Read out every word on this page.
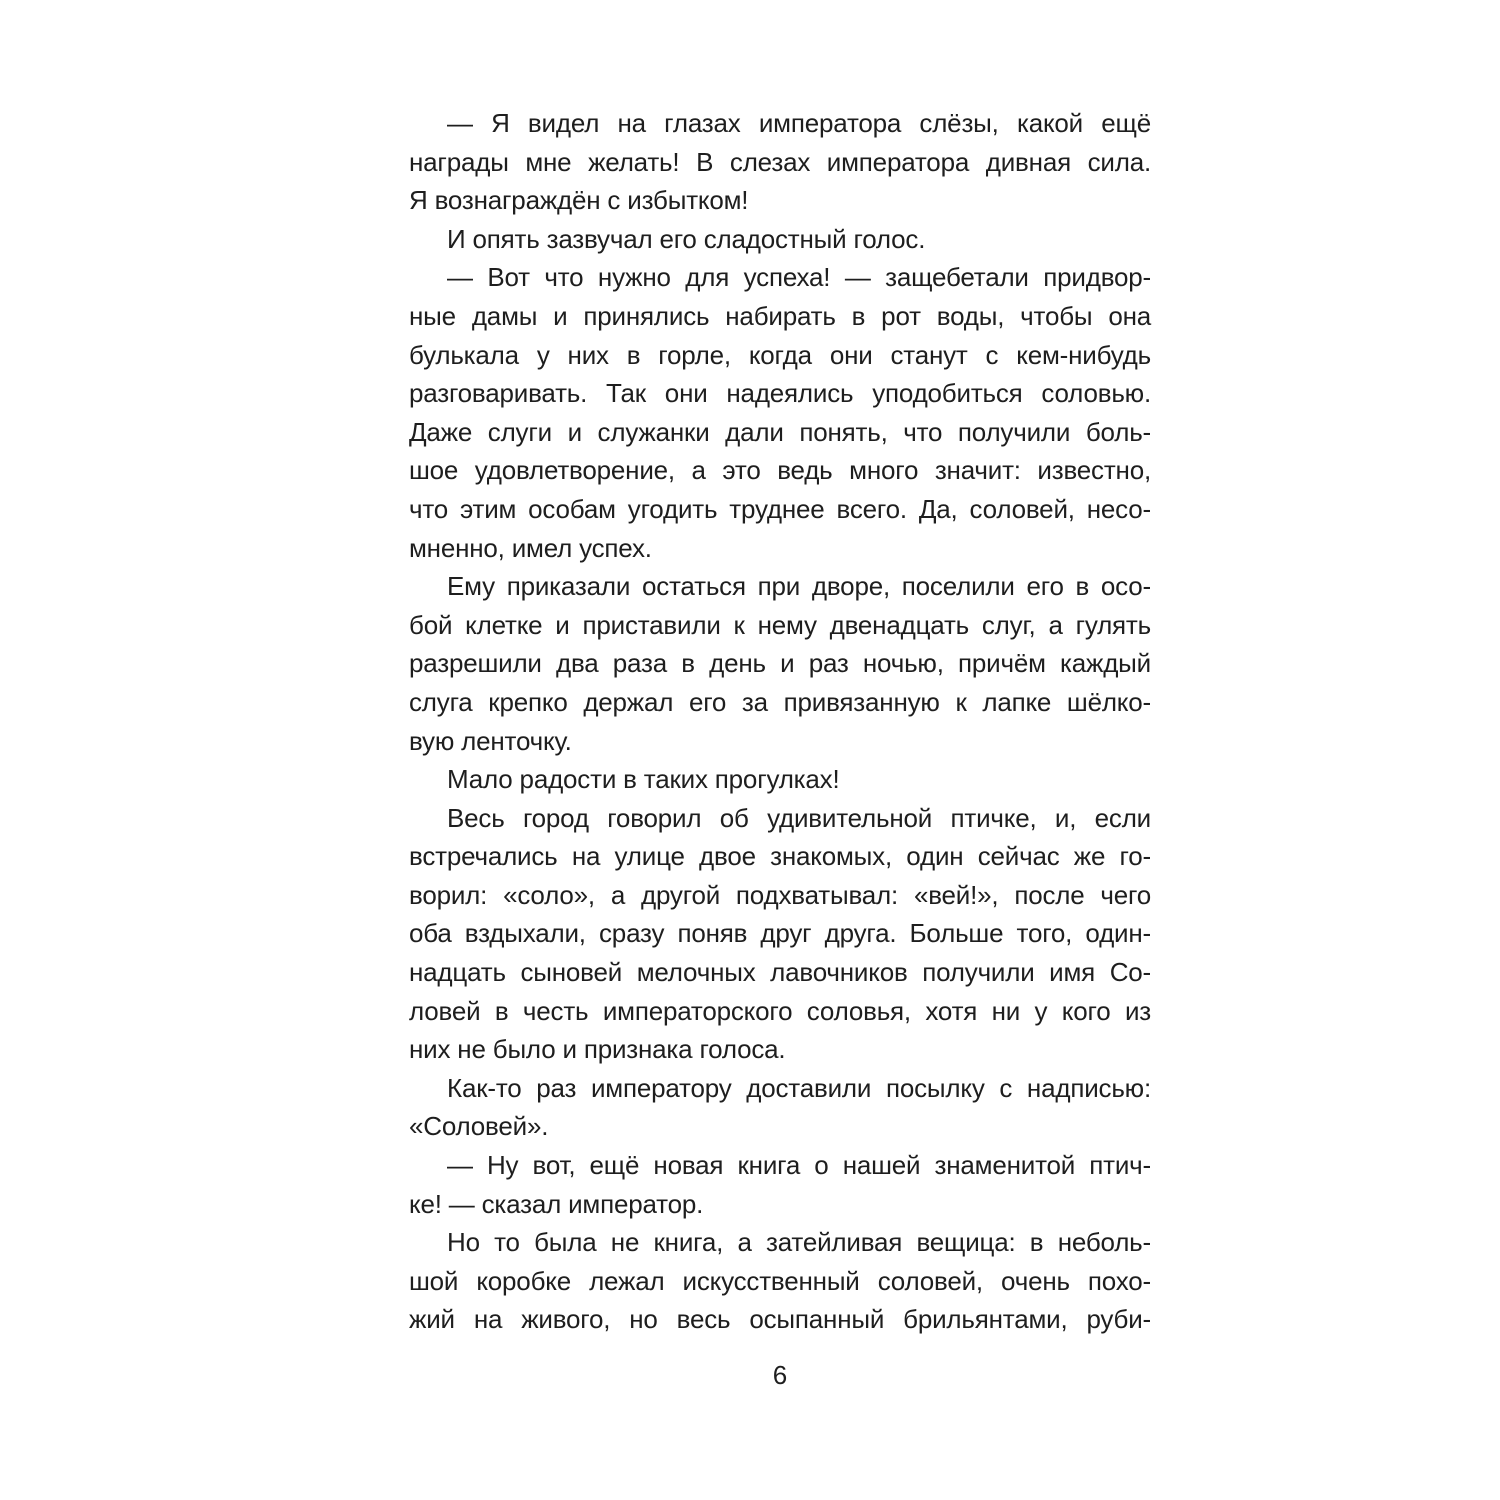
— Я видел на глазах императора слёзы, какой ещё
награды мне желать! В слезах императора дивная сила.
Я вознаграждён с избытком!

И опять зазвучал его сладостный голос.

— Вот что нужно для успеха! — защебетали придвор-
ные дамы и принялись набирать в рот воды, чтобы она
булькала у них в горле, когда они станут с кем-нибудь
разговаривать. Так они надеялись уподобиться соловью.
Даже слуги и служанки дали понять, что получили боль-
шое удовлетворение, а это ведь много значит: известно,
что этим особам угодить труднее всего. Да, соловей, несо-
мненно, имел успех.

Ему приказали остаться при дворе, поселили его в осо-
бой клетке и приставили к нему двенадцать слуг, а гулять
разрешили два раза в день и раз ночью, причём каждый
слуга крепко держал его за привязанную к лапке шёлко-
вую ленточку.

Мало радости в таких прогулках!

Весь город говорил об удивительной птичке, и, если
встречались на улице двое знакомых, один сейчас же го-
ворил: «соло», а другой подхватывал: «вей!», после чего
оба вздыхали, сразу поняв друг друга. Больше того, один-
надцать сыновей мелочных лавочников получили имя Со-
ловей в честь императорского соловья, хотя ни у кого из
них не было и признака голоса.

Как-то раз императору доставили посылку с надписью:
«Соловей».

— Ну вот, ещё новая книга о нашей знаменитой птич-
ке! — сказал император.

Но то была не книга, а затейливая вещица: в неболь-
шой коробке лежал искусственный соловей, очень похо-
жий на живого, но весь осыпанный брильянтами, руби-

6
